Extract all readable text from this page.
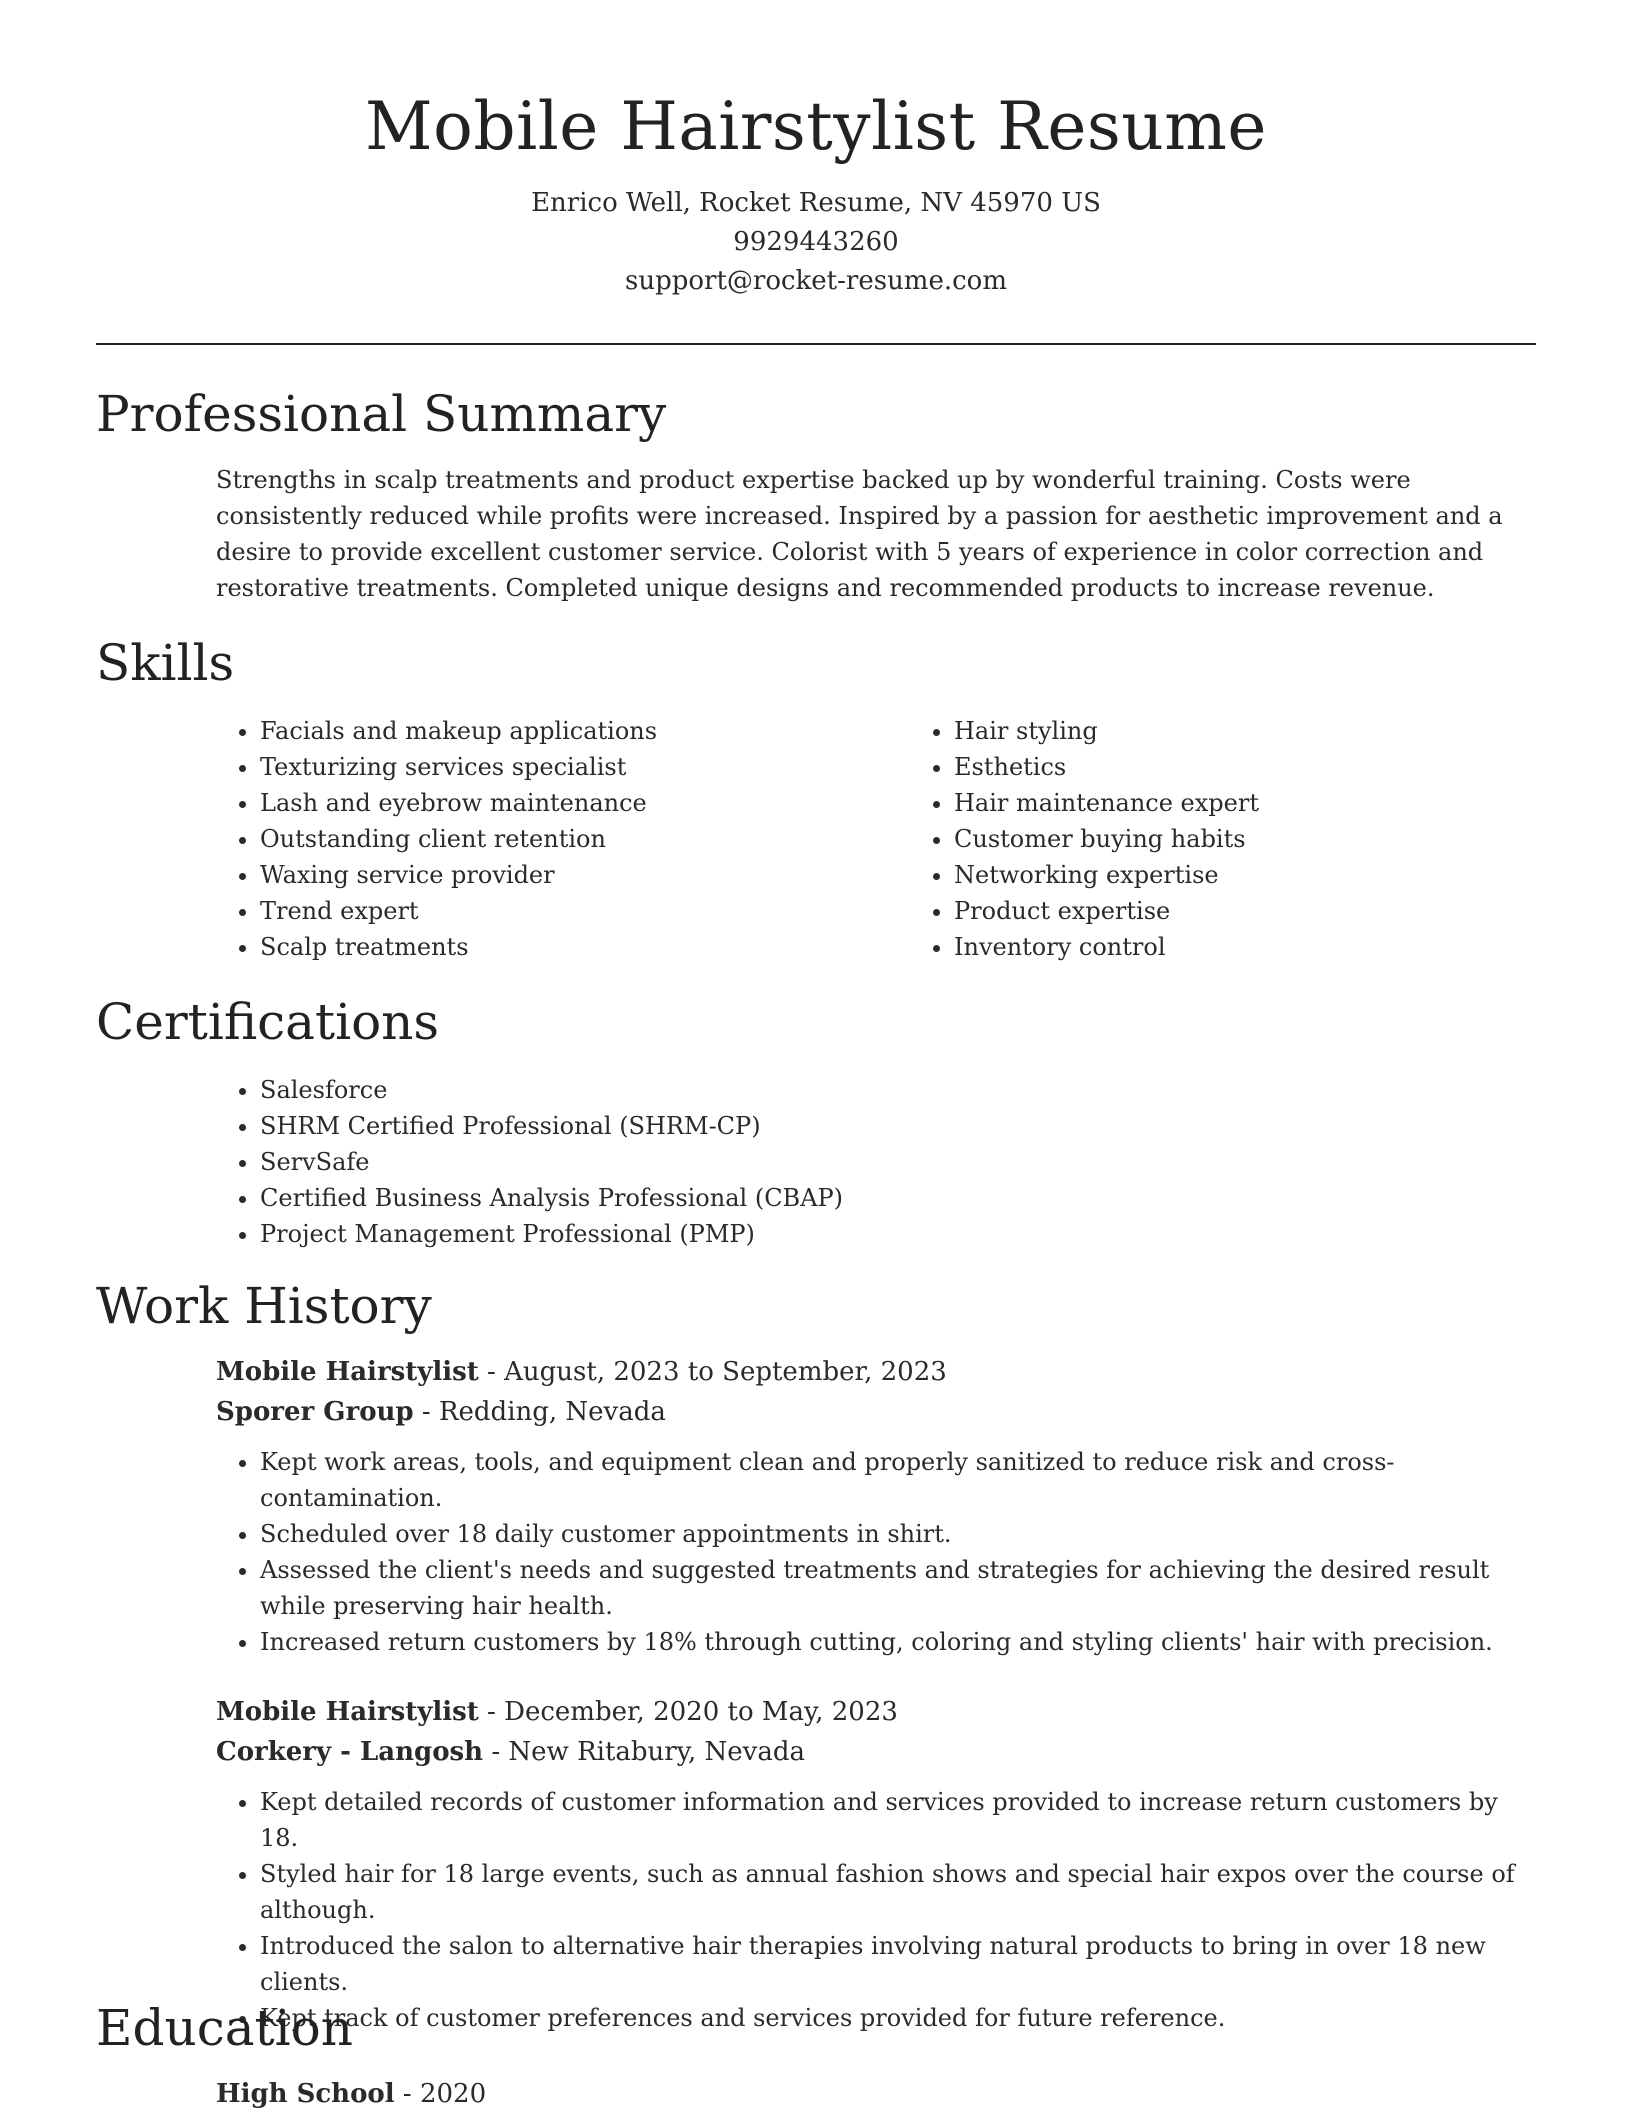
Mobile Hairstylist Resume
Enrico Well, Rocket Resume, NV 45970 US
9929443260
support@rocket-resume.com
Professional Summary

Strengths in scalp treatments and product expertise backed up by wonderful training. Costs were consistently reduced while profits were increased. Inspired by a passion for aesthetic improvement and a desire to provide excellent customer service. Colorist with 5 years of experience in color correction and restorative treatments. Completed unique designs and recommended products to increase revenue.

Skills
• Facials and makeup applications
• Texturizing services specialist
• Lash and eyebrow maintenance
• Outstanding client retention
• Waxing service provider
• Trend expert
• Scalp treatments
• Hair styling
• Esthetics
• Hair maintenance expert
• Customer buying habits
• Networking expertise
• Product expertise
• Inventory control
Certifications
• Salesforce
• SHRM Certified Professional (SHRM-CP)
• ServSafe
• Certified Business Analysis Professional (CBAP)
• Project Management Professional (PMP)
Work History
Mobile Hairstylist - August, 2023 to September, 2023
Sporer Group - Redding, Nevada
• Kept work areas, tools, and equipment clean and properly sanitized to reduce risk and cross-contamination.
• Scheduled over 18 daily customer appointments in shirt.
• Assessed the client's needs and suggested treatments and strategies for achieving the desired result while preserving hair health.
• Increased return customers by 18% through cutting, coloring and styling clients' hair with precision.
Mobile Hairstylist - December, 2020 to May, 2023
Corkery - Langosh - New Ritabury, Nevada
• Kept detailed records of customer information and services provided to increase return customers by 18.
• Styled hair for 18 large events, such as annual fashion shows and special hair expos over the course of although.
• Introduced the salon to alternative hair therapies involving natural products to bring in over 18 new clients.
• Kept track of customer preferences and services provided for future reference.
Education
High School - 2020
